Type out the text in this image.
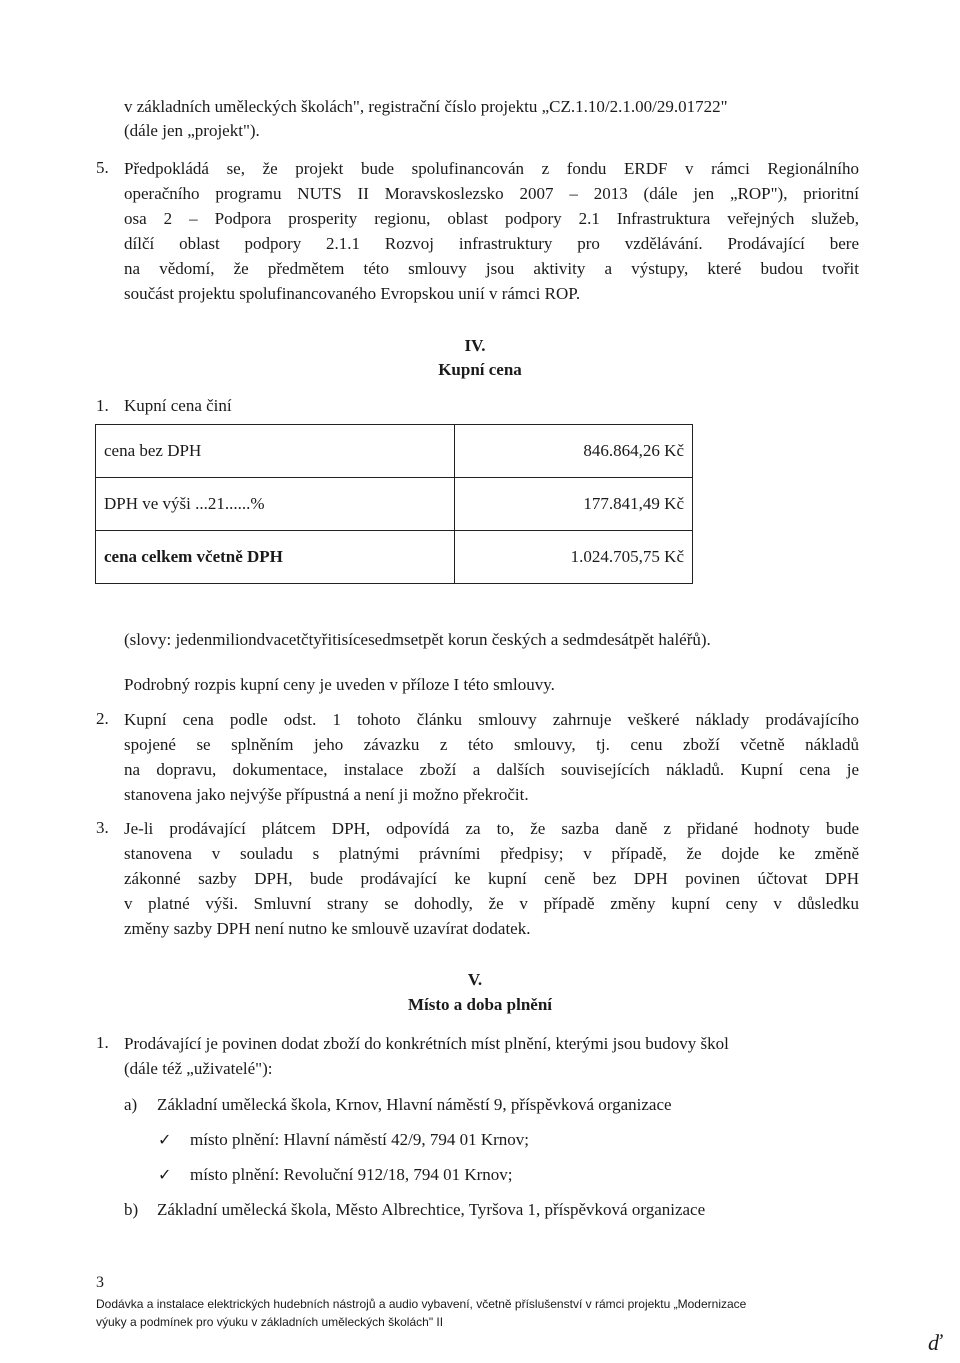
v základních uměleckých školách", registrační číslo projektu „CZ.1.10/2.1.00/29.01722"
(dále jen „projekt").
5. Předpokládá se, že projekt bude spolufinancován z fondu ERDF v rámci Regionálního
operačního programu NUTS II Moravskoslezsko 2007 – 2013 (dále jen „ROP"), prioritní
osa 2 – Podpora prosperity regionu, oblast podpory 2.1 Infrastruktura veřejných služeb,
dílčí oblast podpory 2.1.1 Rozvoj infrastruktury pro vzdělávání. Prodávající bere
na vědomí, že předmětem této smlouvy jsou aktivity a výstupy, které budou tvořit
součást projektu spolufinancovaného Evropskou unií v rámci ROP.
IV.
Kupní cena
1. Kupní cena činí
cena bez DPH	846.864,26 Kč
DPH ve výši ...21......%	177.841,49 Kč
cena celkem včetně DPH	1.024.705,75 Kč
(slovy: jedenmiliondvacetčtyřitisícesedmsetpět korun českých a sedmdesátpět haléřů).
Podrobný rozpis kupní ceny je uveden v příloze I této smlouvy.
2. Kupní cena podle odst. 1 tohoto článku smlouvy zahrnuje veškeré náklady prodávajícího
spojené se splněním jeho závazku z této smlouvy, tj. cenu zboží včetně nákladů
na dopravu, dokumentace, instalace zboží a dalších souvisejících nákladů. Kupní cena je
stanovena jako nejvýše přípustná a není ji možno překročit.
3. Je-li prodávající plátcem DPH, odpovídá za to, že sazba daně z přidané hodnoty bude
stanovena v souladu s platnými právními předpisy; v případě, že dojde ke změně
zákonné sazby DPH, bude prodávající ke kupní ceně bez DPH povinen účtovat DPH
v platné výši. Smluvní strany se dohodly, že v případě změny kupní ceny v důsledku
změny sazby DPH není nutno ke smlouvě uzavírat dodatek.
V.
Místo a doba plnění
1. Prodávající je povinen dodat zboží do konkrétních míst plnění, kterými jsou budovy škol
(dále též „uživatelé"):
a) Základní umělecká škola, Krnov, Hlavní náměstí 9, příspěvková organizace
✓ místo plnění: Hlavní náměstí 42/9, 794 01 Krnov;
✓ místo plnění: Revoluční 912/18, 794 01 Krnov;
b) Základní umělecká škola, Město Albrechtice, Tyršova 1, příspěvková organizace
3
Dodávka a instalace elektrických hudebních nástrojů a audio vybavení, včetně příslušenství v rámci projektu „Modernizace
výuky a podmínek pro výuku v základních uměleckých školách" II
ď
